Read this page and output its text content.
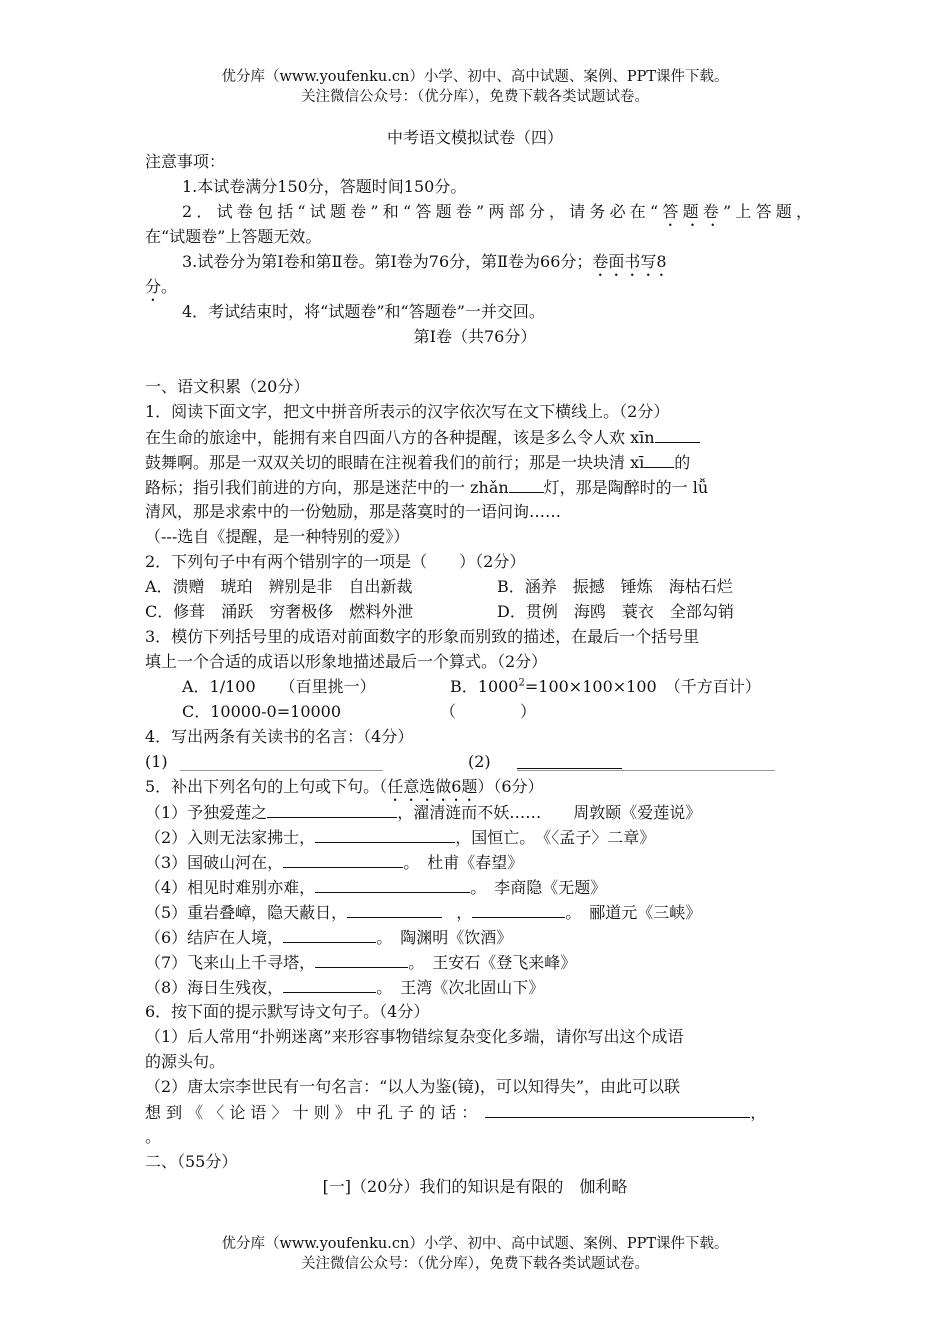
优分库（www.youfenku.cn）小学、初中、高中试题、案例、PPT课件下载。
关注微信公众号：（优分库），免费下载各类试题试卷。
中考语文模拟试卷（四）
注意事项：
1.本试卷满分150分，答题时间150分。
2．试卷包括“试题卷”和“答题卷”两部分，请务必在“答题卷”上答题，
在“试题卷”上答题无效。
3.试卷分为第Ⅰ卷和第Ⅱ卷。第Ⅰ卷为76分，第Ⅱ卷为66分；卷面书写8
分。
4．考试结束时，将“试题卷”和“答题卷”一并交回。
第Ⅰ卷（共76分）
一、语文积累（20分）
1．阅读下面文字，把文中拼音所表示的汉字依次写在文下横线上。（2分）
在生命的旅途中，能拥有来自四面八方的各种提醒，该是多么令人欢 xīn
鼓舞啊。那是一双双关切的眼睛在注视着我们的前行；那是一块块清 xī 的
路标；指引我们前进的方向，那是迷茫中的一 zhǎn 灯，那是陶醉时的一 lǚ
清风，那是求索中的一份勉励，那是落寞时的一语问询……
（---选自《提醒，是一种特别的爱》）
2．下列句子中有两个错别字的一项是（　　）（2分）
A．溃赠　琥珀　辨别是非　自出新裁	B．涵养　振撼　锤炼　海枯石烂
C．修葺　涌跃　穷奢极侈　燃料外泄	D．贯例　海鸥　蓑衣　全部勾销
3．模仿下列括号里的成语对前面数字的形象而别致的描述，在最后一个括号里
填上一个合适的成语以形象地描述最后一个算式。（2分）
A．1/100　　（百里挑一）	B．$1000^2=100\times 100\times 100$　（千方百计）
C．10000-0=10000	（　　　　）
4．写出两条有关读书的名言：（4分）
(1)	(2)
5．补出下列名句的上句或下句。（任意选做6题）（6分）
（1）予独爱莲之	，濯清涟而不妖……　　周敦颐《爱莲说》
（2）入则无法家拂士，	，国恒亡。　《〈孟子〉二章》
（3）国破山河在，	。　杜甫《春望》
（4）相见时难别亦难，	。　李商隐《无题》
（5）重岩叠嶂，隐天蔽日，	，	。　郦道元《三峡》
（6）结庐在人境，	。　陶渊明《饮酒》
（7）飞来山上千寻塔，	。　王安石《登飞来峰》
（8）海日生残夜，	。　王湾《次北固山下》
6．按下面的提示默写诗文句子。（4分）
（1）后人常用“扑朔迷离”来形容事物错综复杂变化多端，请你写出这个成语
的源头句。
（2）唐太宗李世民有一句名言：“以人为鉴(镜)，可以知得失”，由此可以联
想 到 《 〈 论 语 〉 十 则 》 中 孔 子 的 话 ：	，
。
二、（55分）
[一]（20分）我们的知识是有限的　伽利略
优分库（www.youfenku.cn）小学、初中、高中试题、案例、PPT课件下载。
关注微信公众号：（优分库），免费下载各类试题试卷。
